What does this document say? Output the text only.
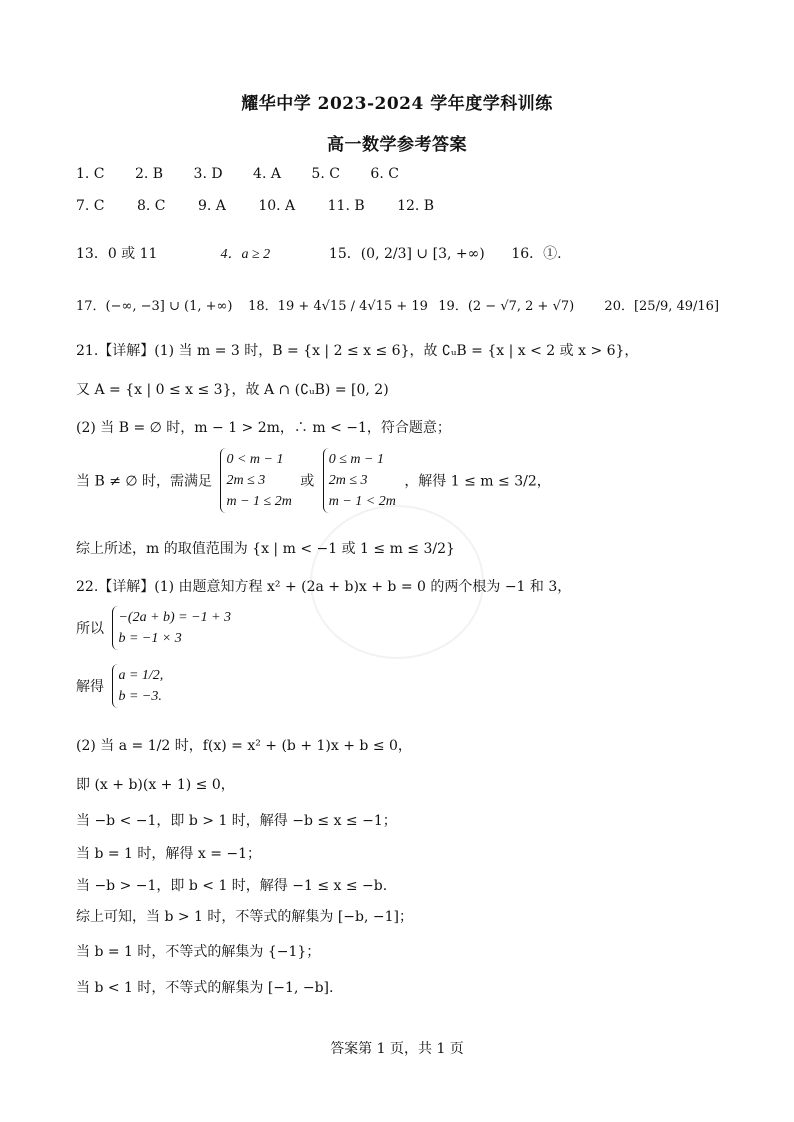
耀华中学 2023-2024 学年度学科训练
高一数学参考答案
1. C 2. B 3. D 4. A 5. C 6. C
7. C 8. C 9. A 10. A 11. B 12. B
13．0 或 11	4．a ≥ 2	15．(0, 2/3] ∪ [3, +∞) 16．①.
17．(−∞, −3] ∪ (1, +∞) 18．19 + 4√15 / 4√15 + 19 19．(2 − √7, 2 + √7) 20．[25/9, 49/16]
21.【详解】(1) 当 m = 3 时，B = {x | 2 ≤ x ≤ 6}，故 ∁ᵤB = {x | x < 2 或 x > 6}，
又 A = {x | 0 ≤ x ≤ 3}，故 A ∩ (∁ᵤB) = [0, 2)
(2) 当 B = ∅ 时，m − 1 > 2m，∴ m < −1，符合题意；
当 B ≠ ∅ 时，需满足
0 < m − 1
2m ≤ 3
m − 1 ≤ 2m
或
0 ≤ m − 1
2m ≤ 3
m − 1 < 2m
，解得 1 ≤ m ≤ 3/2，
综上所述，m 的取值范围为 {x | m < −1 或 1 ≤ m ≤ 3/2}
22.【详解】(1) 由题意知方程 x² + (2a + b)x + b = 0 的两个根为 −1 和 3，
所以
−(2a + b) = −1 + 3
b = −1 × 3
解得
a = 1/2,
b = −3.
(2) 当 a = 1/2 时，f(x) = x² + (b + 1)x + b ≤ 0，
即 (x + b)(x + 1) ≤ 0，
当 −b < −1，即 b > 1 时，解得 −b ≤ x ≤ −1；
当 b = 1 时，解得 x = −1；
当 −b > −1，即 b < 1 时，解得 −1 ≤ x ≤ −b.
综上可知，当 b > 1 时，不等式的解集为 [−b, −1]；
当 b = 1 时，不等式的解集为 {−1}；
当 b < 1 时，不等式的解集为 [−1, −b].
答案第 1 页，共 1 页
